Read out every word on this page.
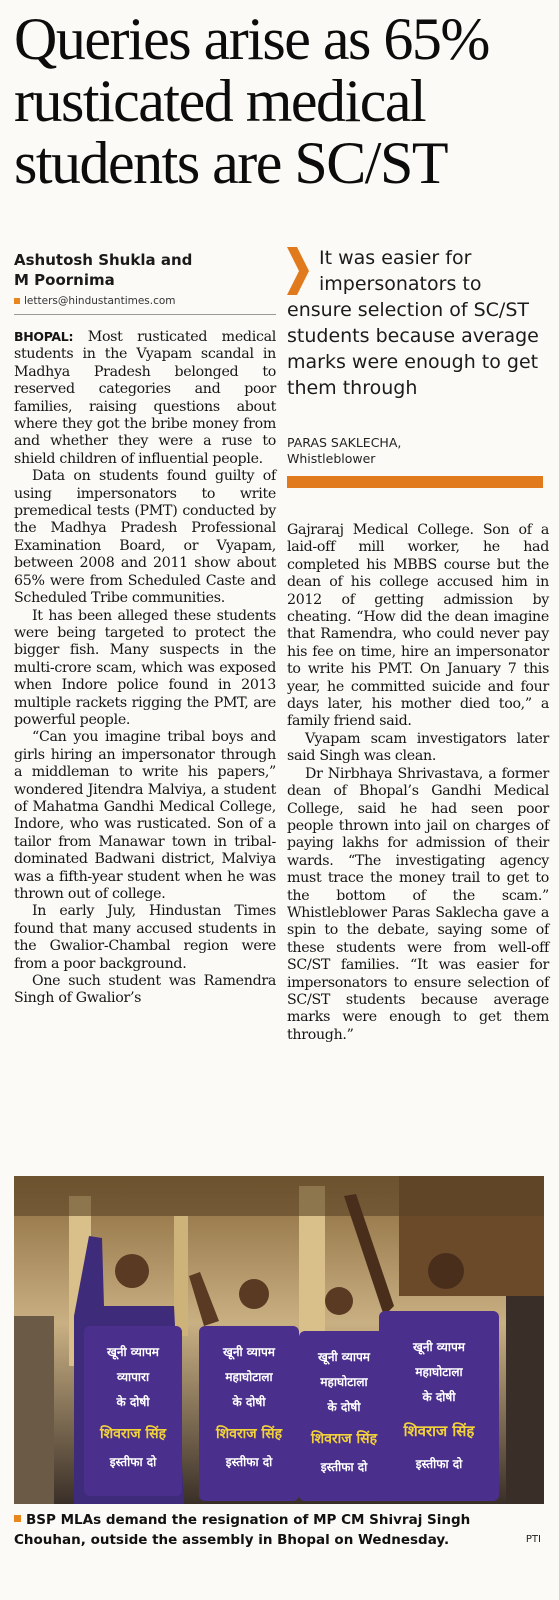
Queries arise as 65%
rusticated medical
students are SC/ST
Ashutosh Shukla and
M Poornima
letters@hindustantimes.com

BHOPAL: Most rusticated medical students in the Vyapam scandal in Madhya Pradesh belonged to reserved categories and poor families, raising questions about where they got the bribe money from and whether they were a ruse to shield children of influential people.

Data on students found guilty of using impersonators to write premedical tests (PMT) conducted by the Madhya Pradesh Professional Examination Board, or Vyapam, between 2008 and 2011 show about 65% were from Scheduled Caste and Scheduled Tribe communities.

It has been alleged these students were being targeted to protect the bigger fish. Many suspects in the multi-crore scam, which was exposed when Indore police found in 2013 multiple rackets rigging the PMT, are powerful people.

“Can you imagine tribal boys and girls hiring an impersonator through a middleman to write his papers,” wondered Jitendra Malviya, a student of Mahatma Gandhi Medical College, Indore, who was rusticated. Son of a tailor from Manawar town in tribal-dominated Badwani district, Malviya was a fifth-year student when he was thrown out of college.

In early July, Hindustan Times found that many accused students in the Gwalior-Chambal region were from a poor background.

One such student was Ramendra Singh of Gwalior’s

It was easier for
impersonators to
ensure selection of SC/ST
students because average
marks were enough to get
them through

PARAS SAKLECHA,
Whistleblower

Gajraraj Medical College. Son of a laid-off mill worker, he had completed his MBBS course but the dean of his college accused him in 2012 of getting admission by cheating. “How did the dean imagine that Ramendra, who could never pay his fee on time, hire an impersonator to write his PMT. On January 7 this year, he committed suicide and four days later, his mother died too,” a family friend said.

Vyapam scam investigators later said Singh was clean.

Dr Nirbhaya Shrivastava, a former dean of Bhopal’s Gandhi Medical College, said he had seen poor people thrown into jail on charges of paying lakhs for admission of their wards. “The investigating agency must trace the money trail to get to the bottom of the scam.” Whistleblower Paras Saklecha gave a spin to the debate, saying some of these students were from well-off SC/ST families. “It was easier for impersonators to ensure selection of SC/ST students because average marks were enough to get them through.”

खूनी व्यापम
व्यापारा
के दोषी
शिवराज सिंह
इस्तीफा दो
खूनी व्यापम
महाघोटाला
के दोषी
शिवराज सिंह
इस्तीफा दो
खूनी व्यापम
महाघोटाला
के दोषी
शिवराज सिंह
इस्तीफा दो
खूनी व्यापम
महाघोटाला
के दोषी
शिवराज सिंह
इस्तीफा दो
BSP MLAs demand the resignation of MP CM Shivraj Singh Chouhan, outside the assembly in Bhopal on Wednesday.	PTI
